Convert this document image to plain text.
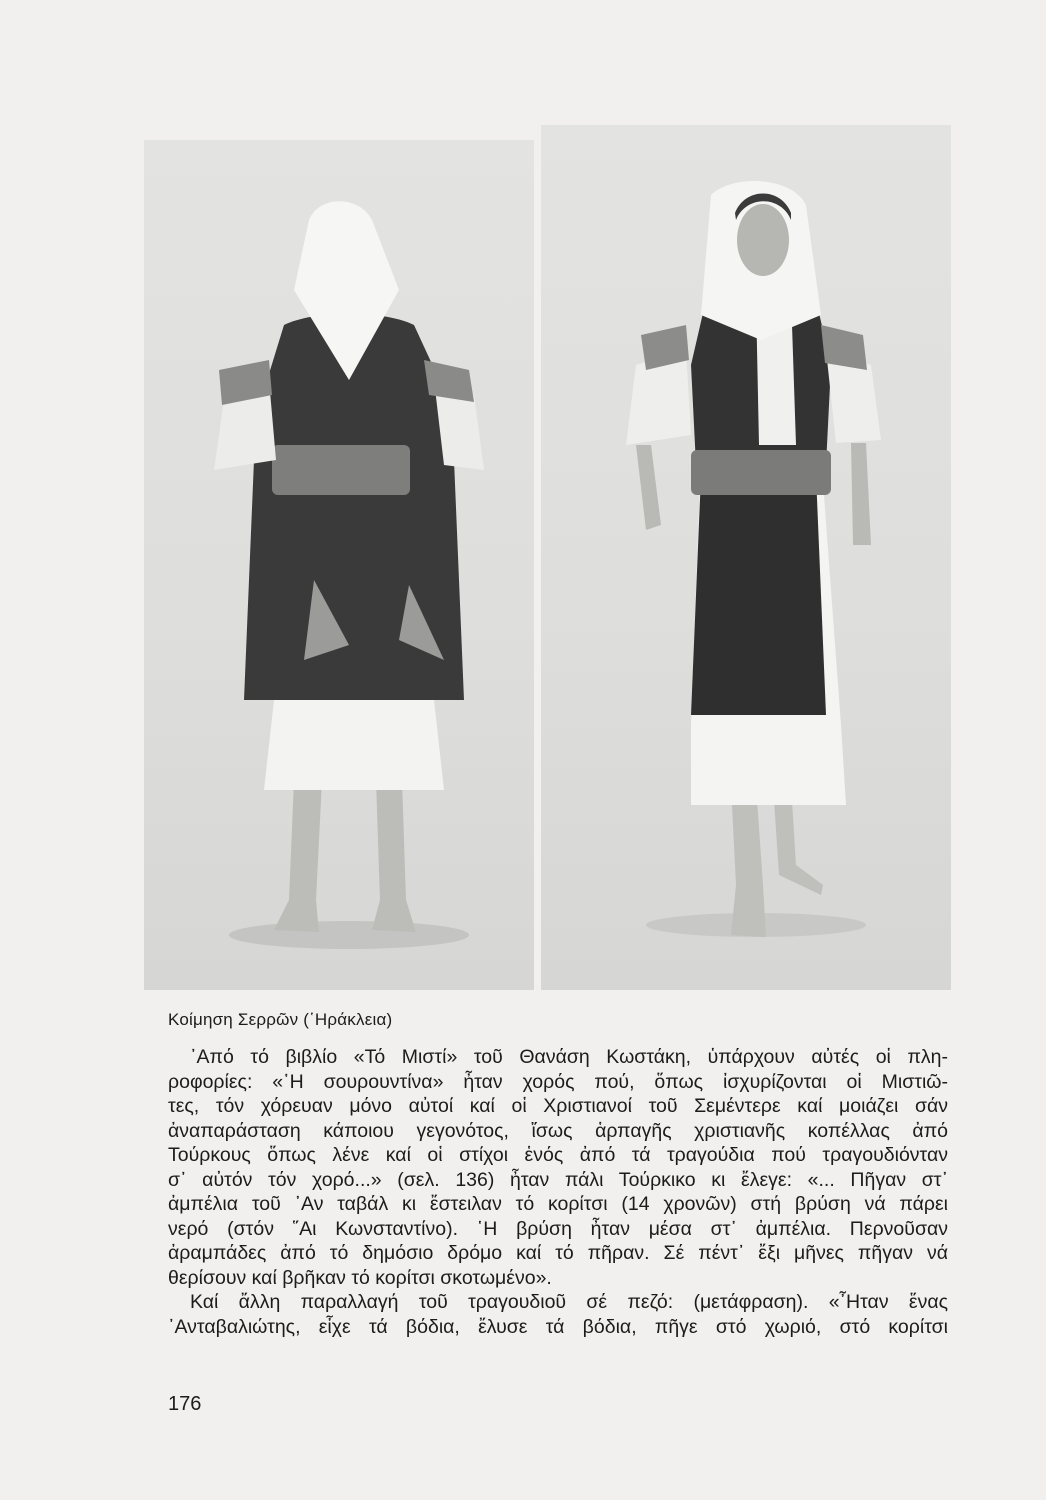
Κοίμηση Σερρῶν (῾Ηράκλεια)

᾿Από τό βιβλίο «Τό Μιστί» τοῦ Θανάση Κωστάκη, ὑπάρχουν αὐτές οἱ πλη-

ροφορίες: «῾Η σουρουντίνα» ἦταν χορός πού, ὅπως ἰσχυρίζονται οἱ Μιστιῶ-

τες, τόν χόρευαν μόνο αὐτοί καί οἱ Χριστιανοί τοῦ Σεμέντερε καί μοιάζει σάν

ἀναπαράσταση κάποιου γεγονότος, ἴσως ἁρπαγῆς χριστιανῆς κοπέλλας ἀπό

Τούρκους ὅπως λένε καί οἱ στίχοι ἑνός ἀπό τά τραγούδια πού τραγουδιόνταν

σ᾿ αὐτόν τόν χορό...» (σελ. 136) ἦταν πάλι Τούρκικο κι ἔλεγε: «... Πῆγαν στ᾿

ἀμπέλια τοῦ ᾿Αν ταβάλ κι ἔστειλαν τό κορίτσι (14 χρονῶν) στή βρύση νά πάρει

νερό (στόν ῞Αι Κωνσταντίνο). ῾Η βρύση ἦταν μέσα στ᾿ ἀμπέλια. Περνοῦσαν

ἀραμπάδες ἀπό τό δημόσιο δρόμο καί τό πῆραν. Σέ πέντ᾿ ἔξι μῆνες πῆγαν νά

θερίσουν καί βρῆκαν τό κορίτσι σκοτωμένο».

Καί ἄλλη παραλλαγή τοῦ τραγουδιοῦ σέ πεζό: (μετάφραση). «῏Ηταν ἕνας

᾿Ανταβαλιώτης, εἶχε τά βόδια, ἔλυσε τά βόδια, πῆγε στό χωριό, στό κορίτσι

176
